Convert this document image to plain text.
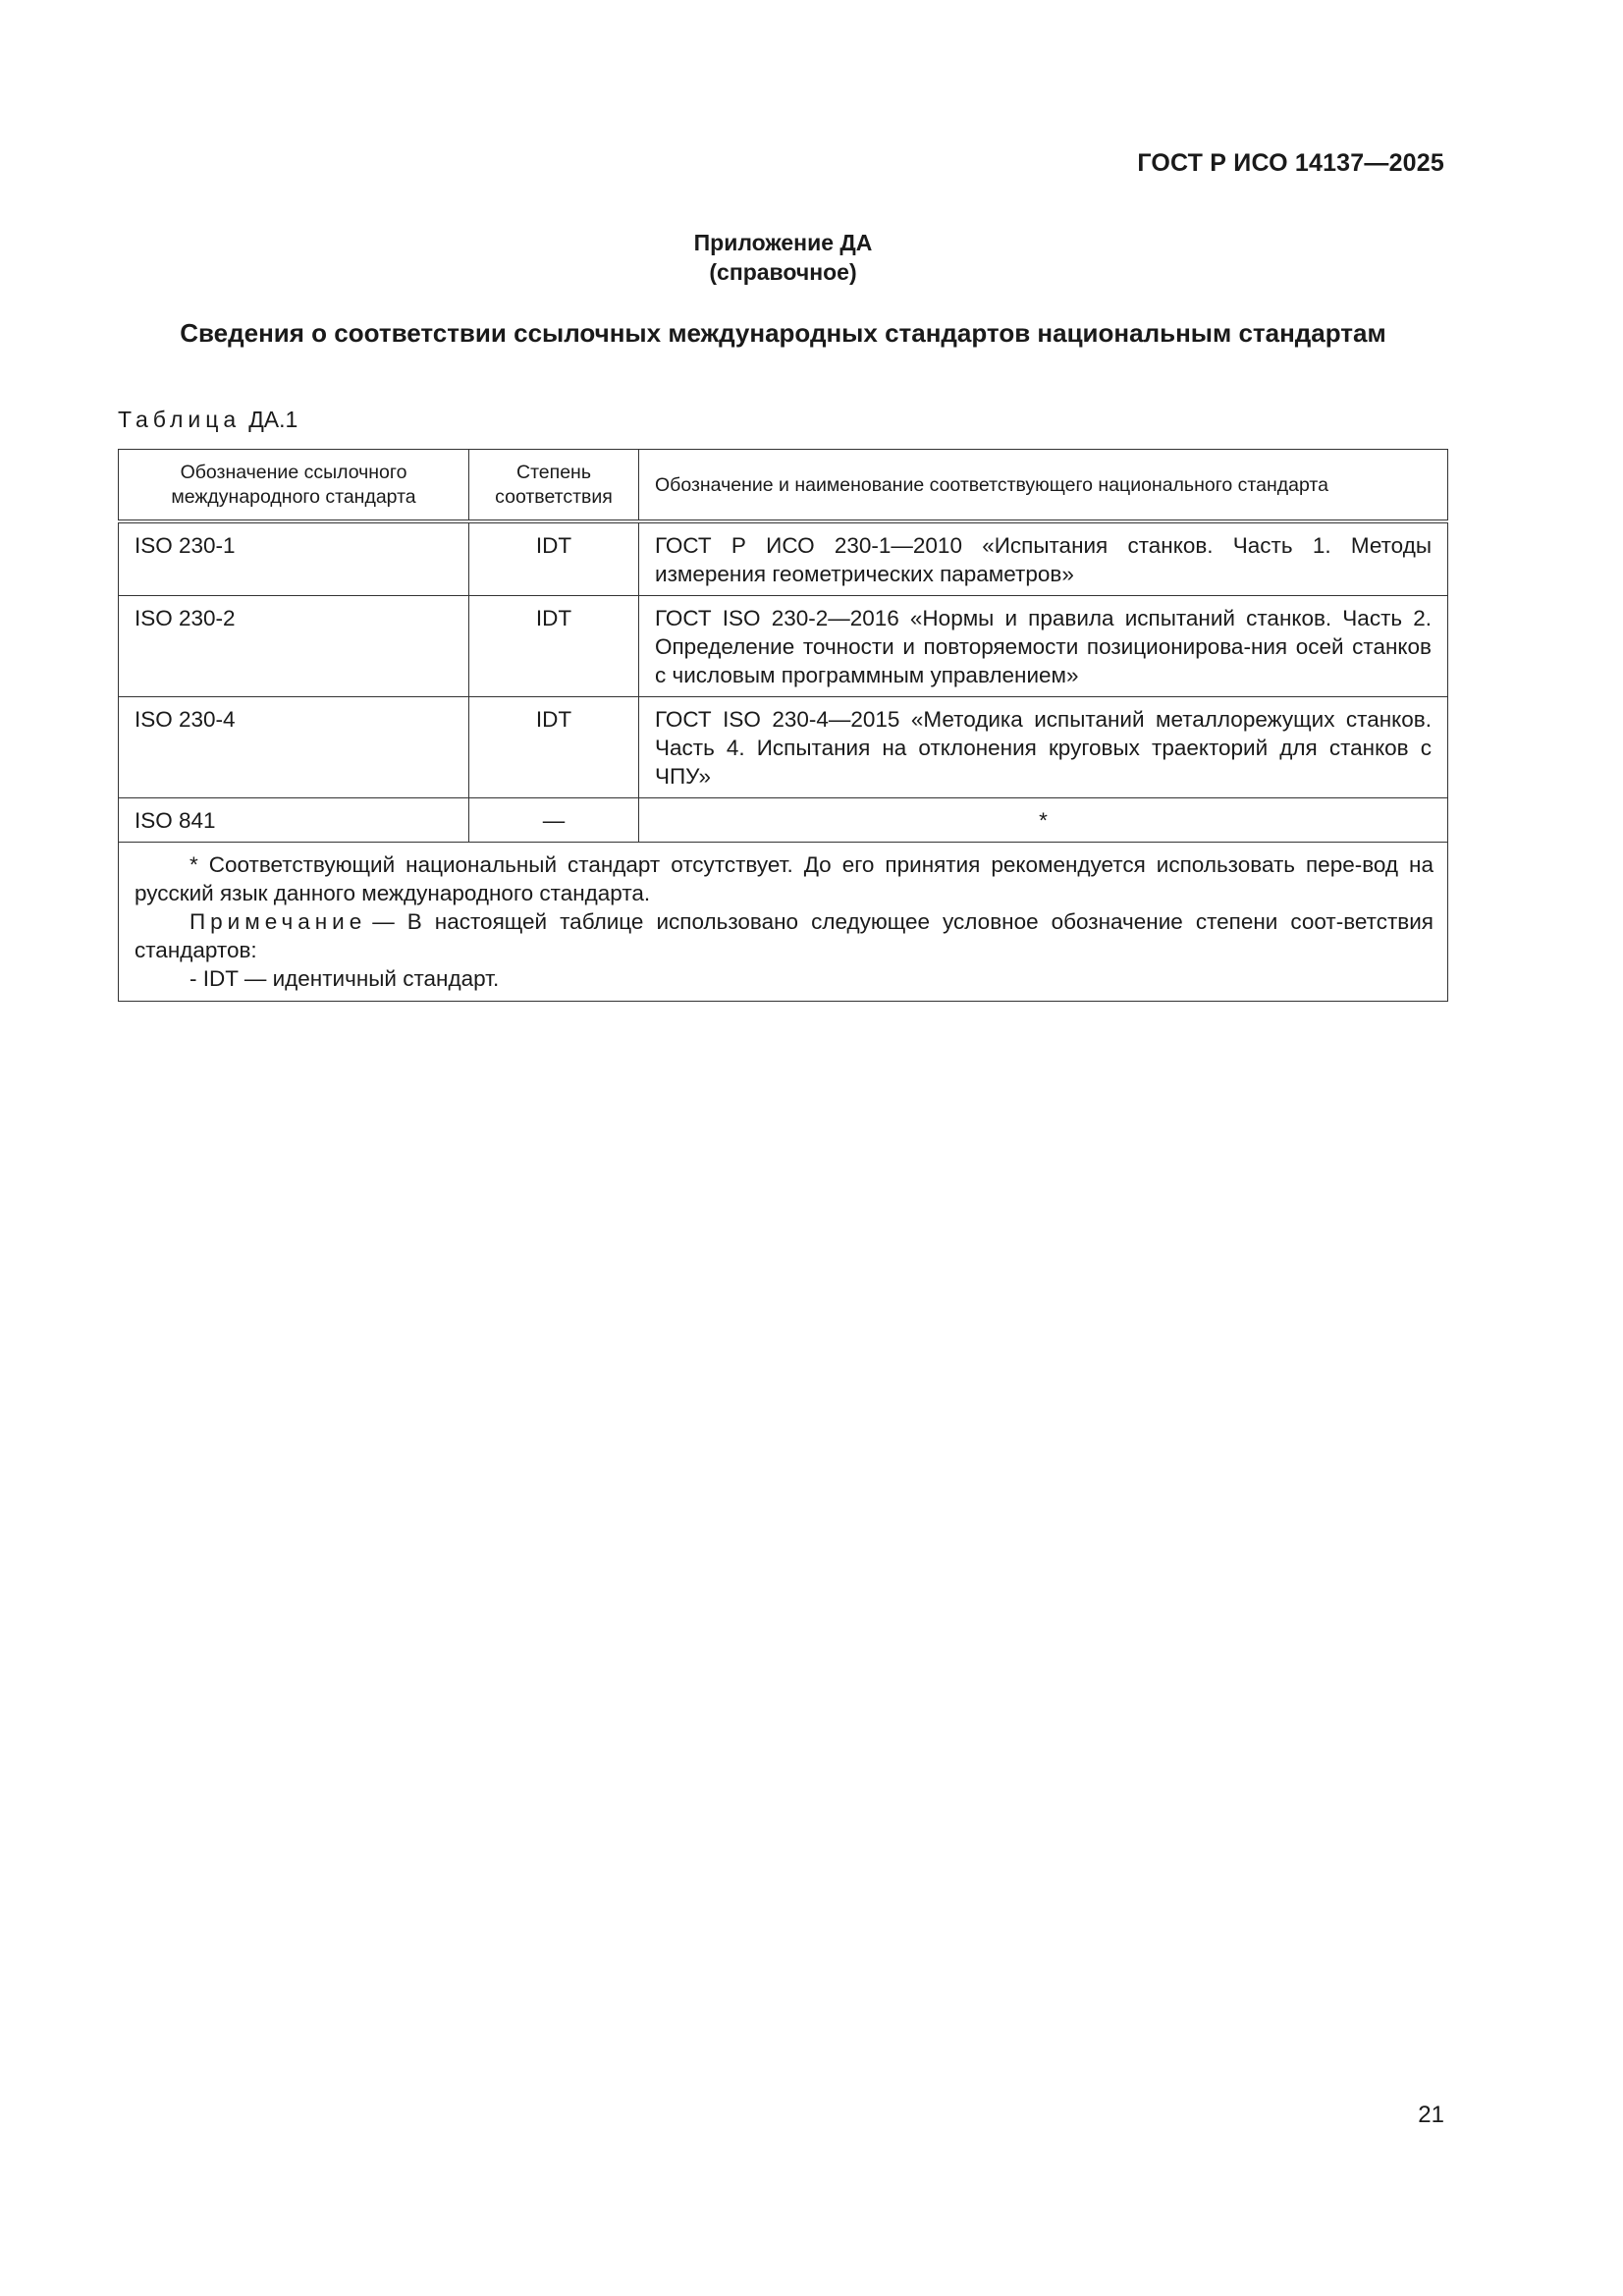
ГОСТ Р ИСО 14137—2025
Приложение ДА
(справочное)
Сведения о соответствии ссылочных международных стандартов национальным стандартам
Таблица ДА.1
Обозначение ссылочного международного стандарта	Степень соответствия	Обозначение и наименование соответствующего национального стандарта
ISO 230-1	IDT	ГОСТ Р ИСО 230-1—2010 «Испытания станков. Часть 1. Методы измерения геометрических параметров»
ISO 230-2	IDT	ГОСТ ISO 230-2—2016 «Нормы и правила испытаний станков. Часть 2. Определение точности и повторяемости позиционирова-ния осей станков с числовым программным управлением»
ISO 230-4	IDT	ГОСТ ISO 230-4—2015 «Методика испытаний металлорежущих станков. Часть 4. Испытания на отклонения круговых траекторий для станков с ЧПУ»
ISO 841	—	*

* Соответствующий национальный стандарт отсутствует. До его принятия рекомендуется использовать пере-вод на русский язык данного международного стандарта.
Примечание — В настоящей таблице использовано следующее условное обозначение степени соот-ветствия стандартов:
- IDT — идентичный стандарт.		
21
